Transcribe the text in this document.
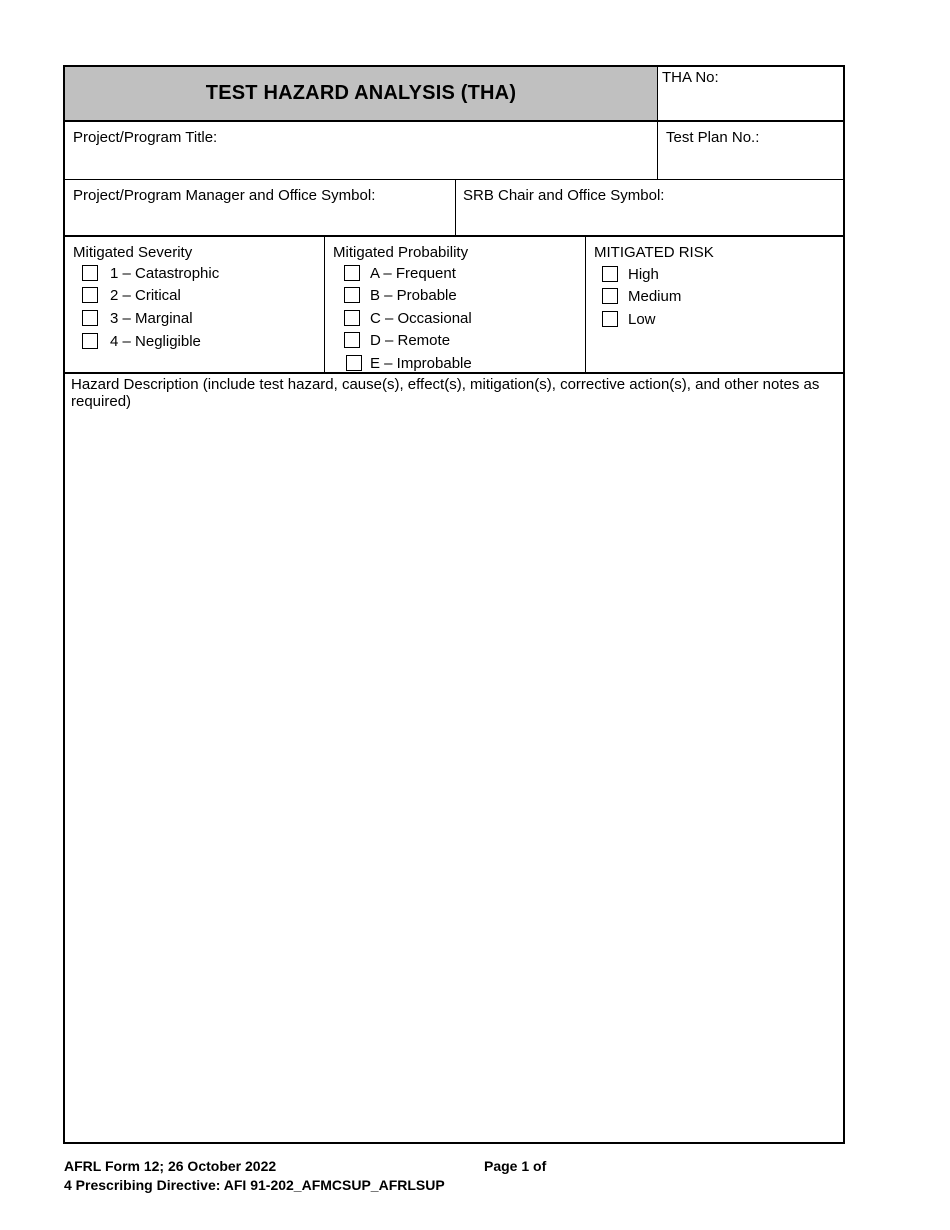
TEST HAZARD ANALYSIS (THA)
THA No:
Project/Program Title:	Test Plan No.:
Project/Program Manager and Office Symbol:	SRB Chair and Office Symbol:
Mitigated Severity
1 – Catastrophic
2 – Critical
3 – Marginal
4 – Negligible
Mitigated Probability
A – Frequent
B – Probable
C – Occasional
D – Remote
E – Improbable
MITIGATED RISK
High
Medium
Low
Hazard Description (include test hazard, cause(s), effect(s), mitigation(s), corrective action(s), and other notes as required)
AFRL Form 12; 26 October 2022	Page 1 of
4 Prescribing Directive: AFI 91-202_AFMCSUP_AFRLSUP
